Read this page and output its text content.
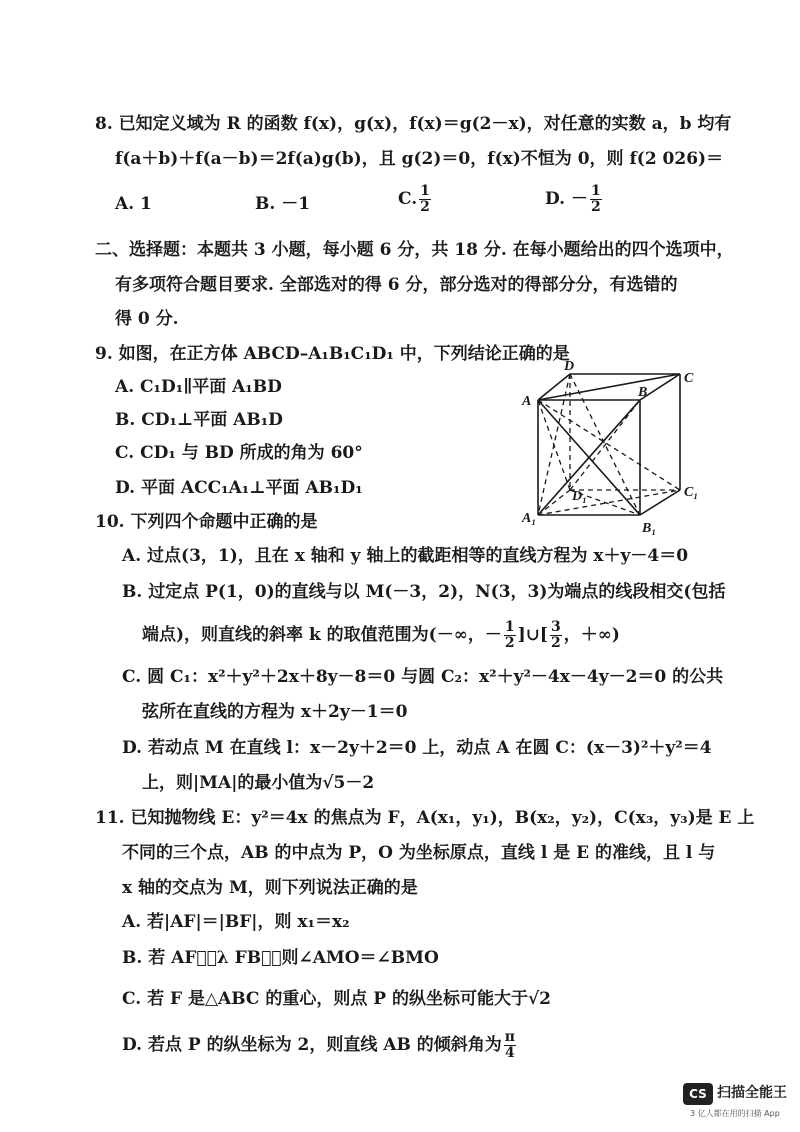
8. 已知定义域为 R 的函数 f(x)，g(x)，f(x)＝g(2－x)，对任意的实数 a，b 均有
f(a＋b)＋f(a－b)＝2f(a)g(b)，且 g(2)＝0，f(x)不恒为 0，则 f(2 026)＝
A. 1	B. －1	C. $\frac{1}{2}$	D. － $\frac{1}{2}$
二、选择题：本题共 3 小题，每小题 6 分，共 18 分. 在每小题给出的四个选项中，
有多项符合题目要求. 全部选对的得 6 分，部分选对的得部分分，有选错的
得 0 分.
9. 如图，在正方体 ABCD–A₁B₁C₁D₁ 中，下列结论正确的是
A. C₁D₁∥平面 A₁BD
B. CD₁⊥平面 AB₁D
C. CD₁ 与 BD 所成的角为 60°
D. 平面 ACC₁A₁⊥平面 AB₁D₁
A
D
B
C
A₁
B₁
C₁
D₁
10. 下列四个命题中正确的是
A. 过点(3，1)，且在 x 轴和 y 轴上的截距相等的直线方程为 x＋y－4＝0
B. 过定点 P(1，0)的直线与以 M(－3，2)，N(3，3)为端点的线段相交(包括
端点)，则直线的斜率 k 的取值范围为(－∞，－ $\frac{1}{2}$ ]∪[ $\frac{3}{2}$ ，＋∞)
C. 圆 C₁：x²＋y²＋2x＋8y－8＝0 与圆 C₂：x²＋y²－4x－4y－2＝0 的公共
弦所在直线的方程为 x＋2y－1＝0
D. 若动点 M 在直线 l：x－2y＋2＝0 上，动点 A 在圆 C：(x－3)²＋y²＝4
上，则|MA|的最小值为√5－2
11. 已知抛物线 E：y²＝4x 的焦点为 F，A(x₁，y₁)，B(x₂，y₂)，C(x₃，y₃)是 E 上
不同的三个点，AB 的中点为 P，O 为坐标原点，直线 l 是 E 的准线，且 l 与
x 轴的交点为 M，则下列说法正确的是
A. 若|AF|＝|BF|，则 x₁＝x₂
B. 若 AF⃗＝λ FB⃗，则∠AMO＝∠BMO
C. 若 F 是△ABC 的重心，则点 P 的纵坐标可能大于√2
D. 若点 P 的纵坐标为 2，则直线 AB 的倾斜角为 $\frac{\pi}{4}$
CS 扫描全能王
3 亿人都在用的扫描 App
